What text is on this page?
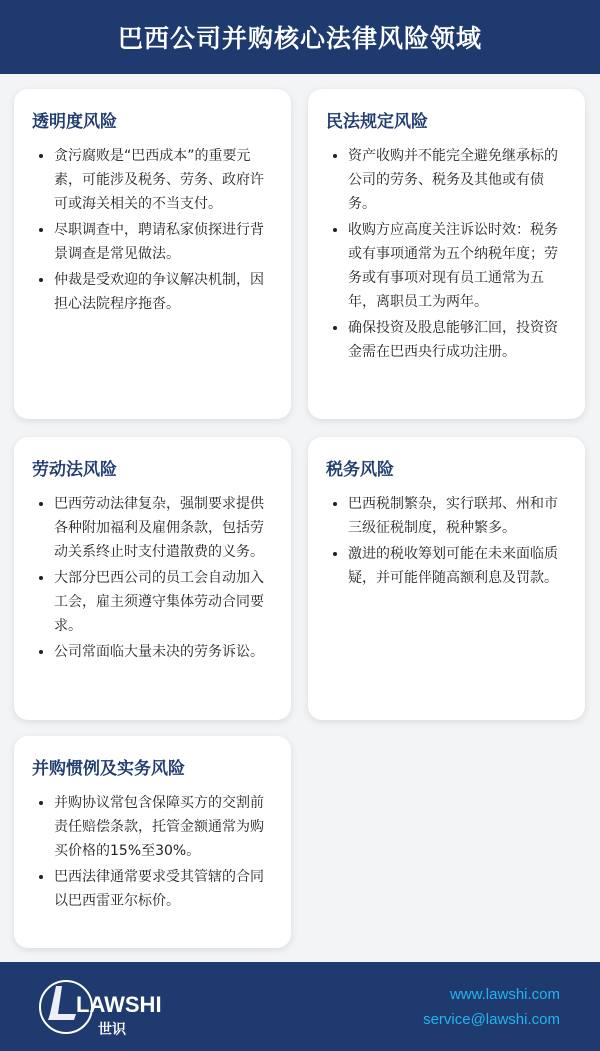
巴西公司并购核心法律风险领域
透明度风险
• 贪污腐败是“巴西成本”的重要元素，可能涉及税务、劳务、政府许可或海关相关的不当支付。
• 尽职调查中，聘请私家侦探进行背景调查是常见做法。
• 仲裁是受欢迎的争议解决机制，因担心法院程序拖沓。
民法规定风险
• 资产收购并不能完全避免继承标的公司的劳务、税务及其他或有债务。
• 收购方应高度关注诉讼时效：税务或有事项通常为五个纳税年度；劳务或有事项对现有员工通常为五年，离职员工为两年。
• 确保投资及股息能够汇回，投资资金需在巴西央行成功注册。
劳动法风险
• 巴西劳动法律复杂，强制要求提供各种附加福利及雇佣条款，包括劳动关系终止时支付遣散费的义务。
• 大部分巴西公司的员工会自动加入工会，雇主须遵守集体劳动合同要求。
• 公司常面临大量未决的劳务诉讼。
税务风险
• 巴西税制繁杂，实行联邦、州和市三级征税制度，税种繁多。
• 激进的税收筹划可能在未来面临质疑，并可能伴随高额利息及罚款。
并购惯例及实务风险
• 并购协议常包含保障买方的交割前责任赔偿条款，托管金额通常为购买价格的15%至30%。
• 巴西法律通常要求受其管辖的合同以巴西雷亚尔标价。
LAWSHI
世识
www.lawshi.com
service@lawshi.com
